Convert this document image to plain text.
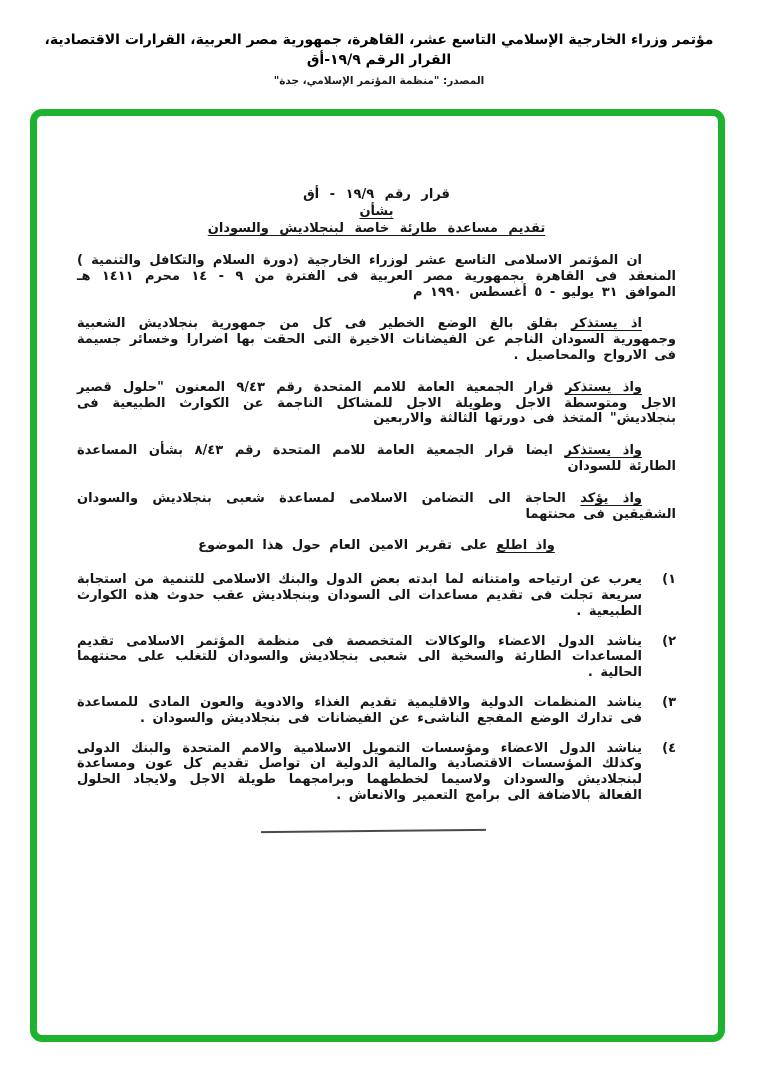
مؤتمر وزراء الخارجية الإسلامي التاسع عشر، القاهرة، جمهورية مصر العربية، القرارات الاقتصادية، القرار الرقم ١٩/٩-أق
المصدر: "منظمة المؤتمر الإسلامي، جدة"
قرار رقم ١٩/٩ - أق
بشأن
تقديم مساعدة طارئة خاصة لبنجلاديش والسودان

ان المؤتمر الاسلامى التاسع عشر لوزراء الخارجية (دورة السلام والتكافل والتنمية ) المنعقد فى القاهرة بجمهورية مصر العربية فى الفترة من ٩ - ١٤ محرم ١٤١١ هـ الموافق ٣١ يوليو - ٥ أغسطس ١٩٩٠ م

اذ يستذكر بقلق بالغ الوضع الخطير فى كل من جمهورية بنجلاديش الشعبية وجمهورية السودان الناجم عن الفيضانات الاخيرة التى الحقت بها اضرارا وخسائر جسيمة فى الارواح والمحاصيل .

واذ يستذكر قرار الجمعية العامة للامم المتحدة رقم ٩/٤٣ المعنون "حلول قصير الاجل ومتوسطة الاجل وطويلة الاجل للمشاكل الناجمة عن الكوارث الطبيعية فى بنجلاديش" المتخذ فى دورتها الثالثة والاربعين

واذ يستذكر ايضا قرار الجمعية العامة للامم المتحدة رقم ٨/٤٣ بشأن المساعدة الطارئة للسودان

واذ يؤكد الحاجة الى التضامن الاسلامى لمساعدة شعبى بنجلاديش والسودان الشقيقين فى محنتهما

واذ اطلع على تقرير الامين العام حول هذا الموضوع

١)
يعرب عن ارتياحه وامتنانه لما ابدته بعض الدول والبنك الاسلامى للتنمية من استجابة سريعة تجلت فى تقديم مساعدات الى السودان وبنجلاديش عقب حدوث هذه الكوارث الطبيعية .
٢)
يناشد الدول الاعضاء والوكالات المتخصصة فى منظمة المؤتمر الاسلامى تقديم المساعدات الطارئة والسخية الى شعبى بنجلاديش والسودان للتغلب على محنتهما الحالية .
٣)
يناشد المنظمات الدولية والاقليمية تقديم الغذاء والادوية والعون المادى للمساعدة فى تدارك الوضع المفجع الناشىء عن الفيضانات فى بنجلاديش والسودان .
٤)
يناشد الدول الاعضاء ومؤسسات التمويل الاسلامية والامم المتحدة والبنك الدولى وكذلك المؤسسات الاقتصادية والمالية الدولية ان تواصل تقديم كل عون ومساعدة لبنجلاديش والسودان ولاسيما لخططهما وبرامجهما طويلة الاجل ولايجاد الحلول الفعالة بالاضافة الى برامج التعمير والانعاش .
